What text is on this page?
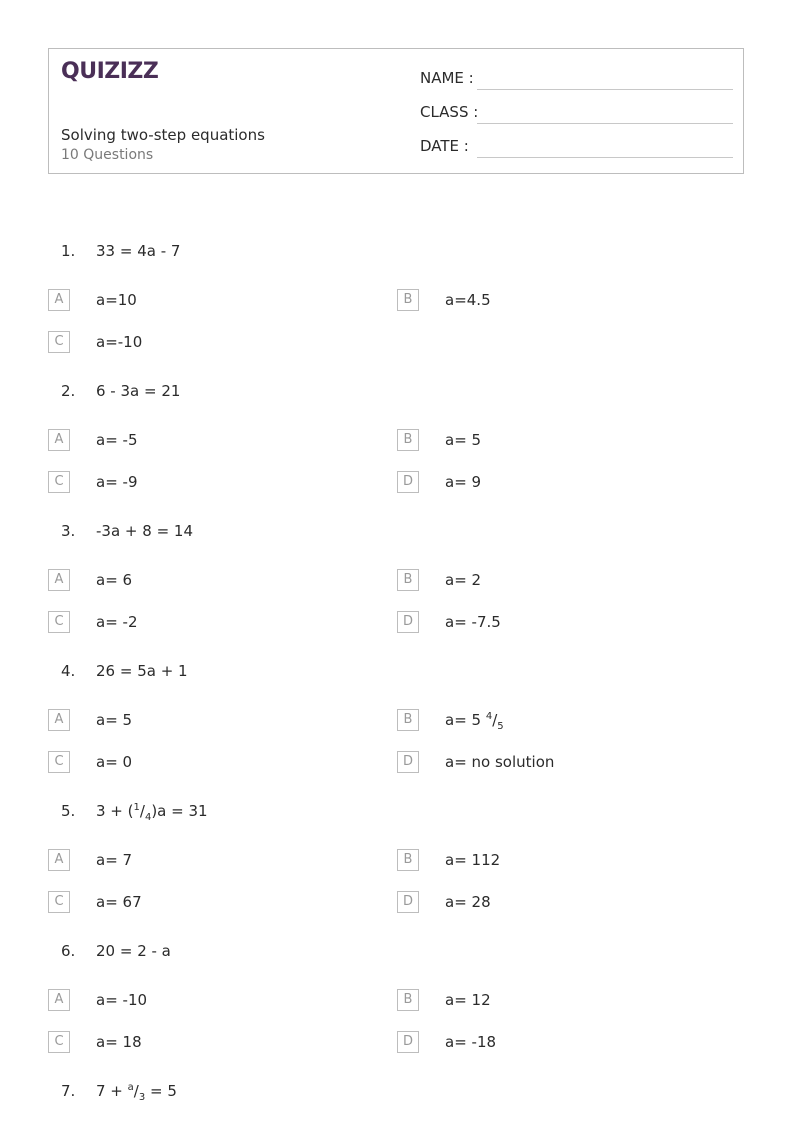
QUIZIZZ
Solving two-step equations
10 Questions
NAME :
CLASS :
DATE :
1. 33 = 4a - 7
A	a=10	B	a=4.5
C	a=-10
2. 6 - 3a = 21
A	a= -5	B	a= 5
C	a= -9	D	a= 9
3. -3a + 8 = 14
A	a= 6	B	a= 2
C	a= -2	D	a= -7.5
4. 26 = 5a + 1
A	a= 5	B	a= 5 $^4/_5$
C	a= 0	D	a= no solution
5. $3 + (^1/_4)a = 31$
A	a= 7	B	a= 112
C	a= 67	D	a= 28
6. 20 = 2 - a
A	a= -10	B	a= 12
C	a= 18	D	a= -18
7. $7 + ^a/_3 = 5$
